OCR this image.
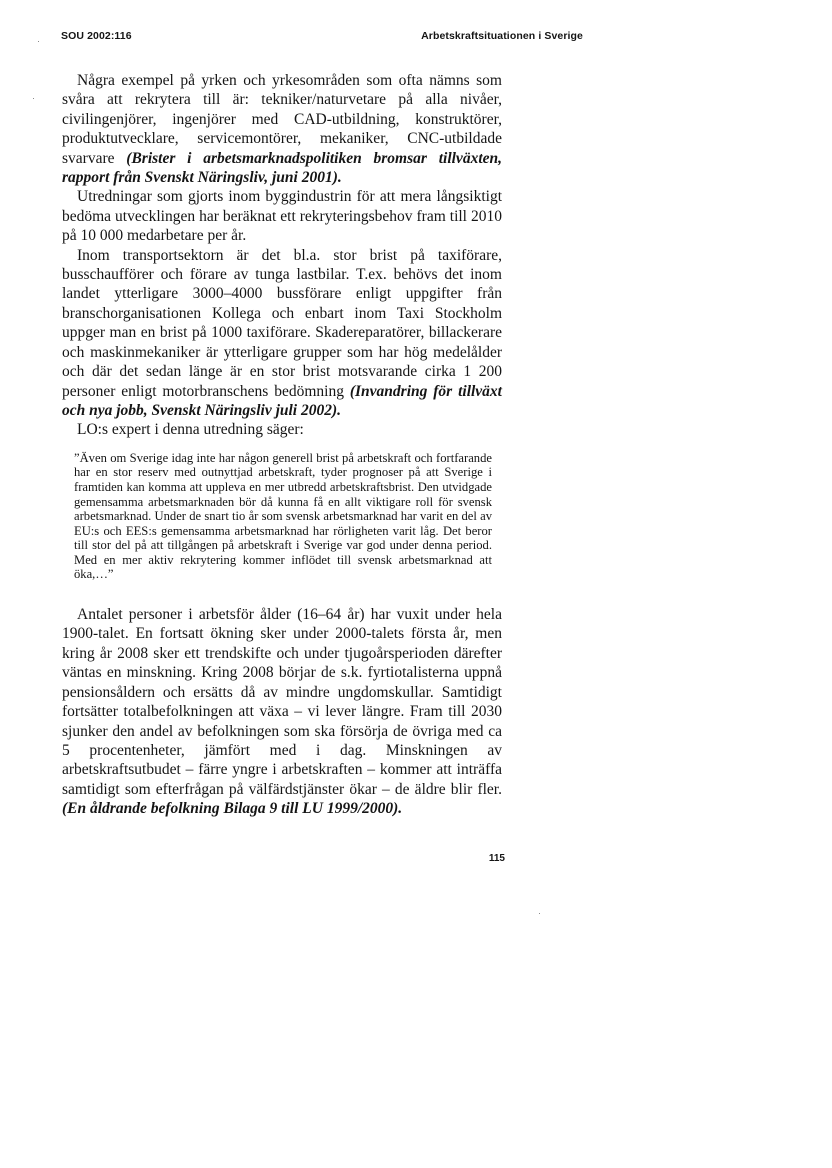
SOU 2002:116	Arbetskraftsituationen i Sverige
·
·

Några exempel på yrken och yrkesområden som ofta nämns som svåra att rekrytera till är: tekniker/naturvetare på alla nivåer, civilingenjörer, ingenjörer med CAD-utbildning, konstruktörer, produktutvecklare, servicemontörer, mekaniker, CNC-utbildade svarvare (Brister i arbetsmarknadspolitiken bromsar tillväxten, rapport från Svenskt Näringsliv, juni 2001).

Utredningar som gjorts inom byggindustrin för att mera långsiktigt bedöma utvecklingen har beräknat ett rekryteringsbehov fram till 2010 på 10 000 medarbetare per år.

Inom transportsektorn är det bl.a. stor brist på taxiförare, busschaufförer och förare av tunga lastbilar. T.ex. behövs det inom landet ytterligare 3000–4000 bussförare enligt uppgifter från branschorganisationen Kollega och enbart inom Taxi Stockholm uppger man en brist på 1000 taxiförare. Skadereparatörer, billackerare och maskinmekaniker är ytterligare grupper som har hög medelålder och där det sedan länge är en stor brist motsvarande cirka 1 200 personer enligt motorbranschens bedömning (Invandring för tillväxt och nya jobb, Svenskt Näringsliv juli 2002).

LO:s expert i denna utredning säger:

”Även om Sverige idag inte har någon generell brist på arbetskraft och fortfarande har en stor reserv med outnyttjad arbetskraft, tyder prognoser på att Sverige i framtiden kan komma att uppleva en mer utbredd arbetskraftsbrist. Den utvidgade gemensamma arbetsmarknaden bör då kunna få en allt viktigare roll för svensk arbetsmarknad. Under de snart tio år som svensk arbetsmarknad har varit en del av EU:s och EES:s gemensamma arbetsmarknad har rörligheten varit låg. Det beror till stor del på att tillgången på arbetskraft i Sverige var god under denna period. Med en mer aktiv rekrytering kommer inflödet till svensk arbetsmarknad att öka,…”

Antalet personer i arbetsför ålder (16–64 år) har vuxit under hela 1900-talet. En fortsatt ökning sker under 2000-talets första år, men kring år 2008 sker ett trendskifte och under tjugoårsperioden därefter väntas en minskning. Kring 2008 börjar de s.k. fyrtiotalisterna uppnå pensionsåldern och ersätts då av mindre ungdomskullar. Samtidigt fortsätter totalbefolkningen att växa – vi lever längre. Fram till 2030 sjunker den andel av befolkningen som ska försörja de övriga med ca 5 procentenheter, jämfört med i dag. Minskningen av arbetskraftsutbudet – färre yngre i arbetskraften – kommer att inträffa samtidigt som efterfrågan på välfärdstjänster ökar – de äldre blir fler. (En åldrande befolkning Bilaga 9 till LU 1999/2000).

115
·
